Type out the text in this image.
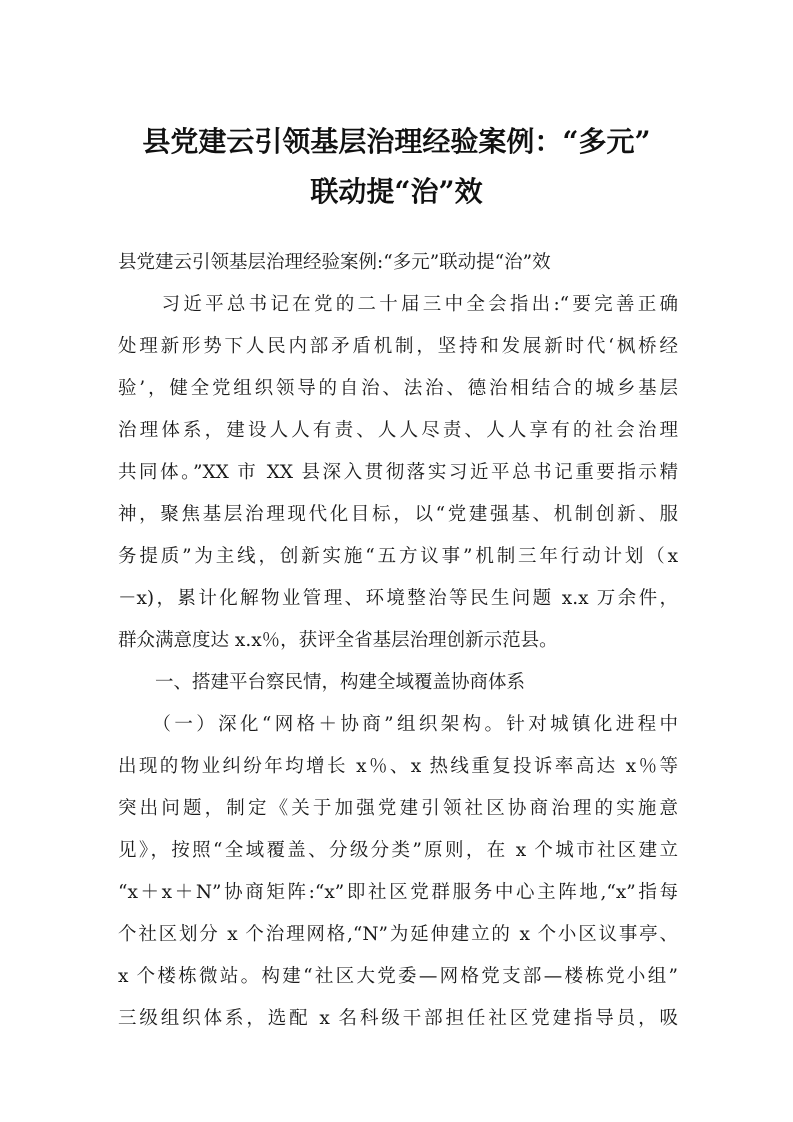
县党建云引领基层治理经验案例：“多元”
联动提“治”效

县党建云引领基层治理经验案例:“多元”联动提“治”效

　　习近平总书记在党的二十届三中全会指出:“要完善正确

处理新形势下人民内部矛盾机制，坚持和发展新时代‘枫桥经

验’，健全党组织领导的自治、法治、德治相结合的城乡基层

治理体系，建设人人有责、人人尽责、人人享有的社会治理

共同体。”XX 市 XX 县深入贯彻落实习近平总书记重要指示精

神，聚焦基层治理现代化目标，以“党建强基、机制创新、服

务提质”为主线，创新实施“五方议事”机制三年行动计划（x

－x)，累计化解物业管理、环境整治等民生问题 x.x 万余件，

群众满意度达 x.x％，获评全省基层治理创新示范县。

　　一、搭建平台察民情，构建全域覆盖协商体系

　　（一）深化“网格＋协商”组织架构。针对城镇化进程中

出现的物业纠纷年均增长 x％、x 热线重复投诉率高达 x％等

突出问题，制定《关于加强党建引领社区协商治理的实施意

见》，按照“全域覆盖、分级分类”原则，在 x 个城市社区建立

“x＋x＋N”协商矩阵:“x”即社区党群服务中心主阵地,“x”指每

个社区划分 x 个治理网格,“N”为延伸建立的 x 个小区议事亭、

x 个楼栋微站。构建“社区大党委—网格党支部—楼栋党小组”

三级组织体系，选配 x 名科级干部担任社区党建指导员，吸
